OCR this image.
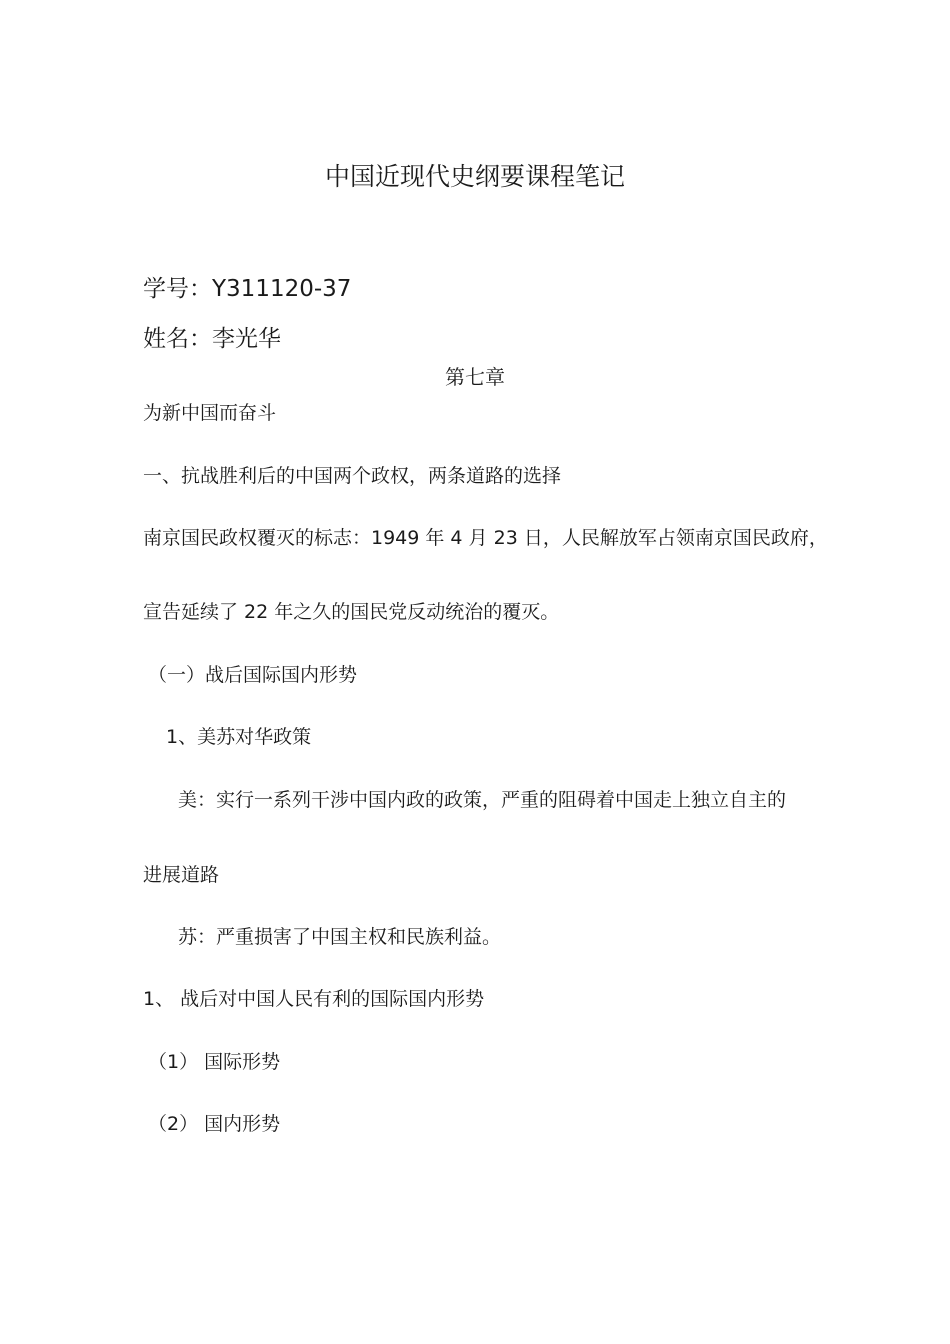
中国近现代史纲要课程笔记
学号：Y311120-37
姓名：李光华
第七章
为新中国而奋斗
一、抗战胜利后的中国两个政权，两条道路的选择
南京国民政权覆灭的标志：1949 年 4 月 23 日，人民解放军占领南京国民政府，
宣告延续了 22 年之久的国民党反动统治的覆灭。
（一）战后国际国内形势
1、美苏对华政策
美：实行一系列干涉中国内政的政策，严重的阻碍着中国走上独立自主的
进展道路
苏：严重损害了中国主权和民族利益。
1、 战后对中国人民有利的国际国内形势
（1） 国际形势
（2） 国内形势
